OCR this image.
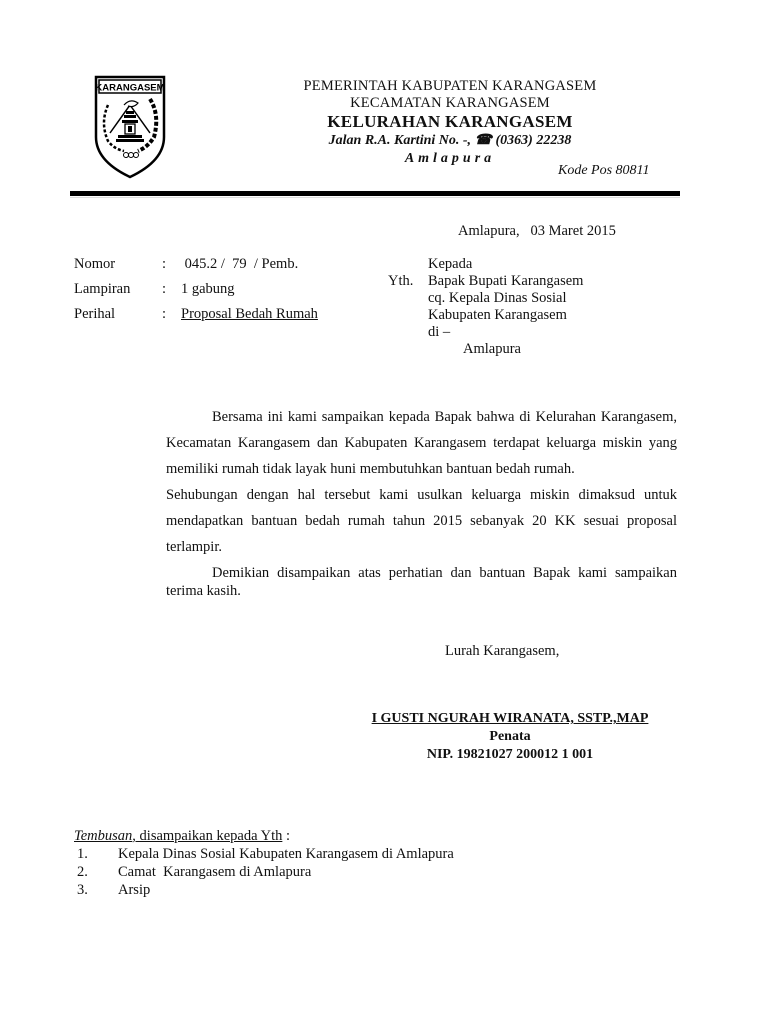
KARANGASEM	PEMERINTAH KABUPATEN KARANGASEM
KECAMATAN KARANGASEM
KELURAHAN KARANGASEM
Jalan R.A. Kartini No. -, ☎ (0363) 22238
Amlapura
Kode Pos 80811
Amlapura,   03 Maret 2015
Nomor	: 045.2 /  79  / Pemb.
Lampiran : 1 gabung
Perihal	: Proposal Bedah Rumah
Yth.
Kepada
Bapak Bupati Karangasem
cq. Kepala Dinas Sosial
Kabupaten Karangasem
di –
Amlapura

Bersama ini kami sampaikan kepada Bapak bahwa di Kelurahan Karangasem, Kecamatan Karangasem dan Kabupaten Karangasem terdapat keluarga miskin yang memiliki rumah tidak layak huni membutuhkan bantuan bedah rumah.

Sehubungan dengan hal tersebut kami usulkan keluarga miskin dimaksud untuk mendapatkan bantuan bedah rumah tahun 2015 sebanyak 20 KK sesuai proposal terlampir.

Demikian disampaikan atas perhatian dan bantuan Bapak kami sampaikan terima kasih.

Lurah Karangasem,
I GUSTI NGURAH WIRANATA, SSTP.,MAP
Penata
NIP. 19821027 200012 1 001
Tembusan, disampaikan kepada Yth :
1. Kepala Dinas Sosial Kabupaten Karangasem di Amlapura
2. Camat  Karangasem di Amlapura
3. Arsip
